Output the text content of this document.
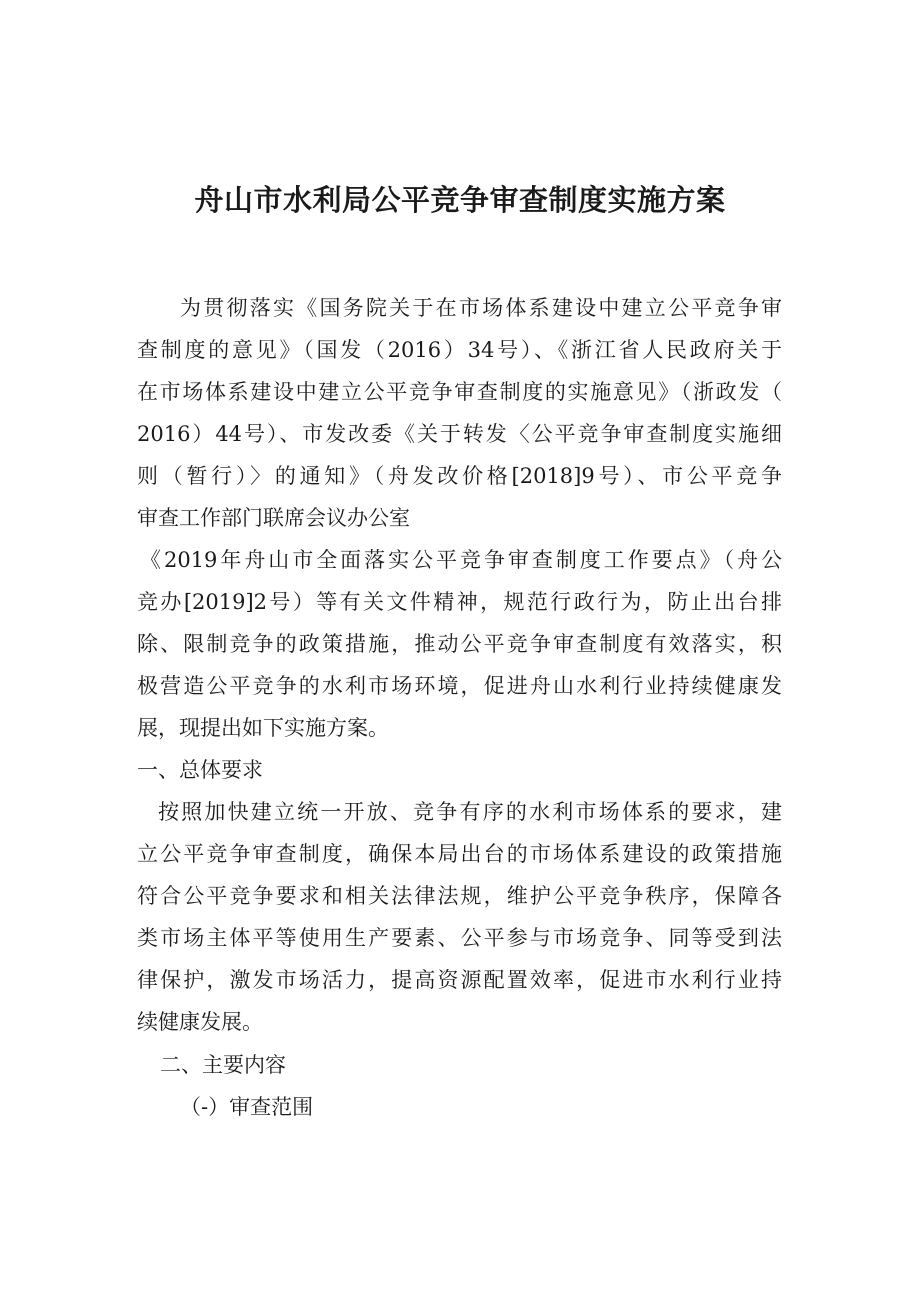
舟山市水利局公平竞争审查制度实施方案

为贯彻落实《国务院关于在市场体系建设中建立公平竞争审

查制度的意见》（国发（2016）34号）、《浙江省人民政府关于

在市场体系建设中建立公平竞争审查制度的实施意见》（浙政发（

2016）44号）、市发改委《关于转发〈公平竞争审查制度实施细

则（暂行）〉的通知》（舟发改价格[2018]9号）、市公平竞争

审查工作部门联席会议办公室

《2019年舟山市全面落实公平竞争审查制度工作要点》（舟公

竞办[2019]2号）等有关文件精神，规范行政行为，防止出台排

除、限制竞争的政策措施，推动公平竞争审查制度有效落实，积

极营造公平竞争的水利市场环境，促进舟山水利行业持续健康发

展，现提出如下实施方案。

一、总体要求

按照加快建立统一开放、竞争有序的水利市场体系的要求，建

立公平竞争审查制度，确保本局出台的市场体系建设的政策措施

符合公平竞争要求和相关法律法规，维护公平竞争秩序，保障各

类市场主体平等使用生产要素、公平参与市场竞争、同等受到法

律保护，激发市场活力，提高资源配置效率，促进市水利行业持

续健康发展。

二、主要内容

（-）审查范围
